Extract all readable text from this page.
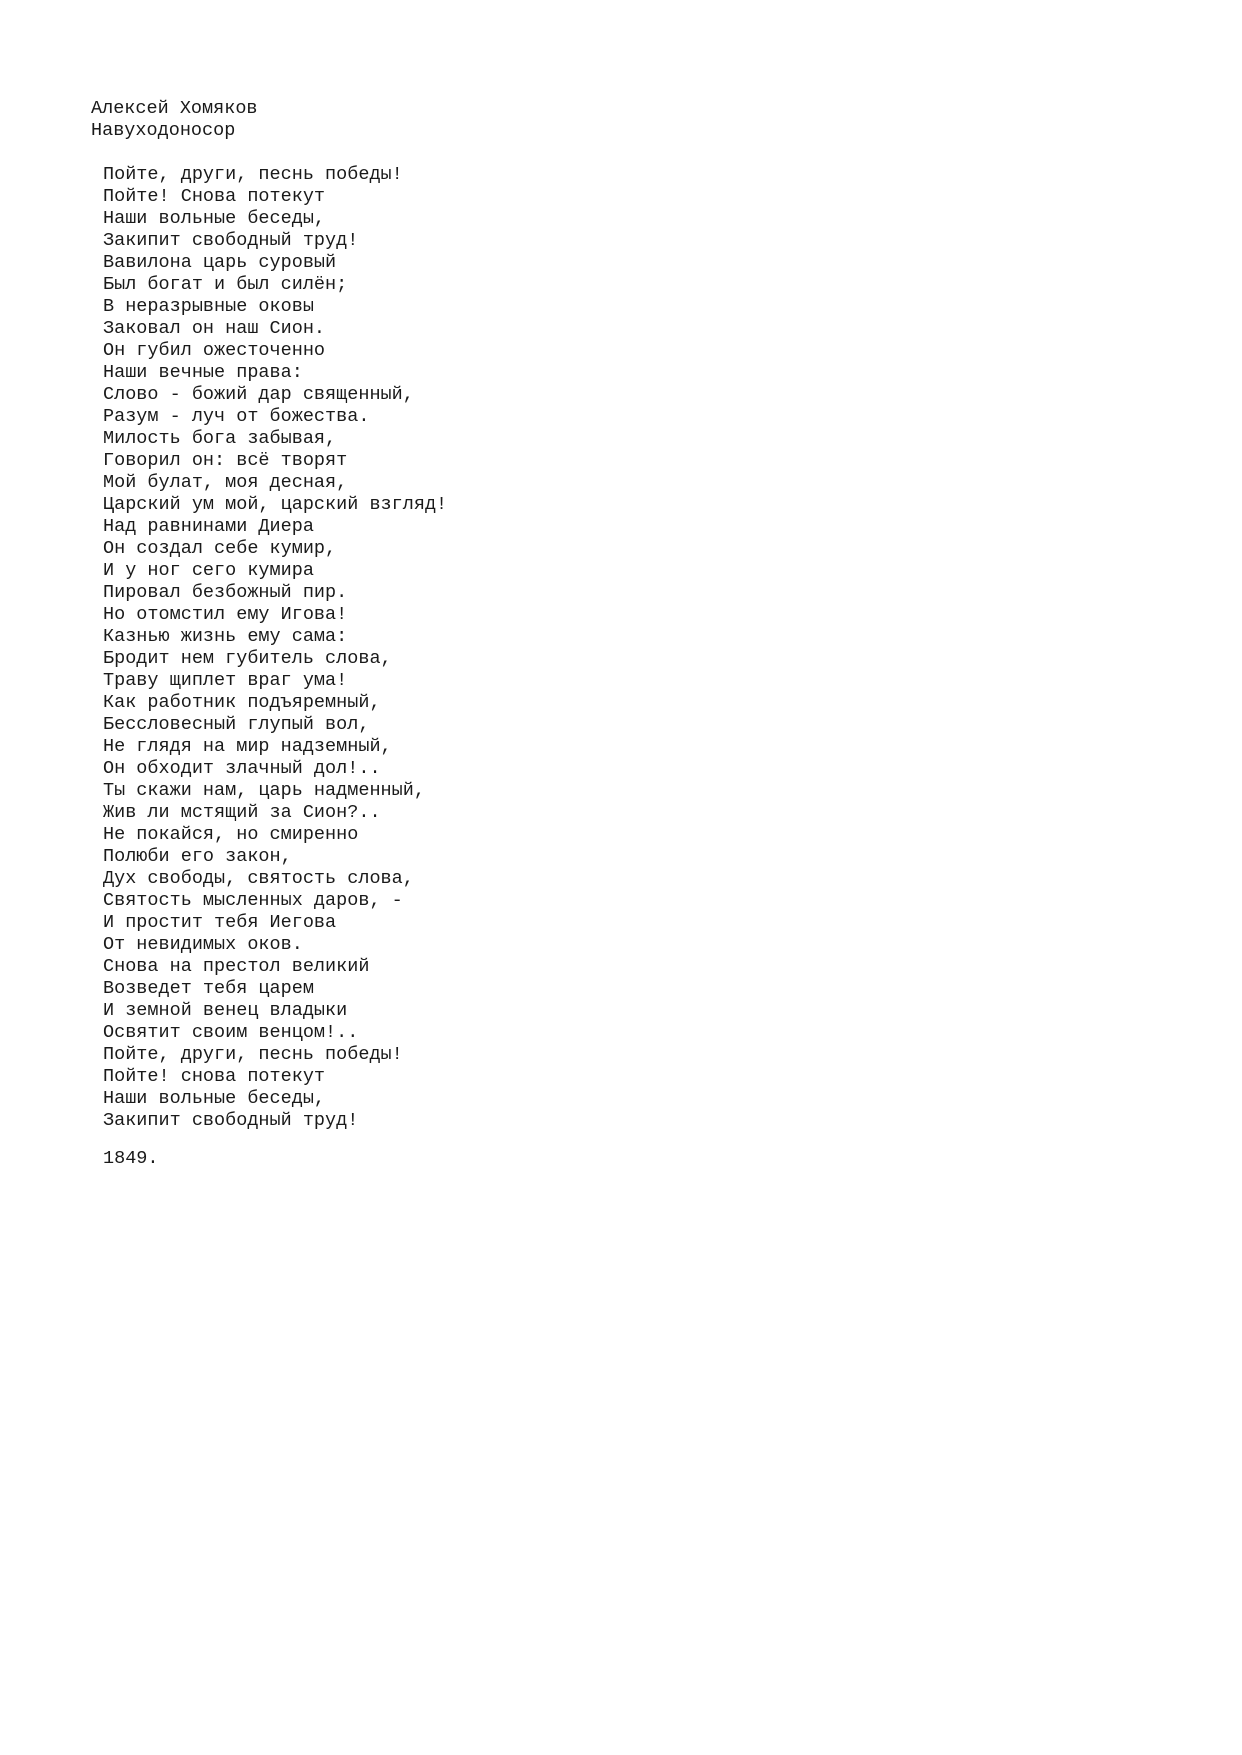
Алексей Хомяков
Навуходоносор
Пойте, други, песнь победы!
Пойте! Снова потекут
Наши вольные беседы,
Закипит свободный труд!
Вавилона царь суровый
Был богат и был силён;
В неразрывные оковы
Заковал он наш Сион.
Он губил ожесточенно
Наши вечные права:
Слово - божий дар священный,
Разум - луч от божества.
Милость бога забывая,
Говорил он: всё творят
Мой булат, моя десная,
Царский ум мой, царский взгляд!
Над равнинами Диера
Он создал себе кумир,
И у ног сего кумира
Пировал безбожный пир.
Но отомстил ему Игова!
Казнью жизнь ему сама:
Бродит нем губитель слова,
Траву щиплет враг ума!
Как работник подъяремный,
Бессловесный глупый вол,
Не глядя на мир надземный,
Он обходит злачный дол!..
Ты скажи нам, царь надменный,
Жив ли мстящий за Сион?..
Не покайся, но смиренно
Полюби его закон,
Дух свободы, святость слова,
Святость мысленных даров, -
И простит тебя Иегова
От невидимых оков.
Снова на престол великий
Возведет тебя царем
И земной венец владыки
Освятит своим венцом!..
Пойте, други, песнь победы!
Пойте! снова потекут
Наши вольные беседы,
Закипит свободный труд!
1849.
